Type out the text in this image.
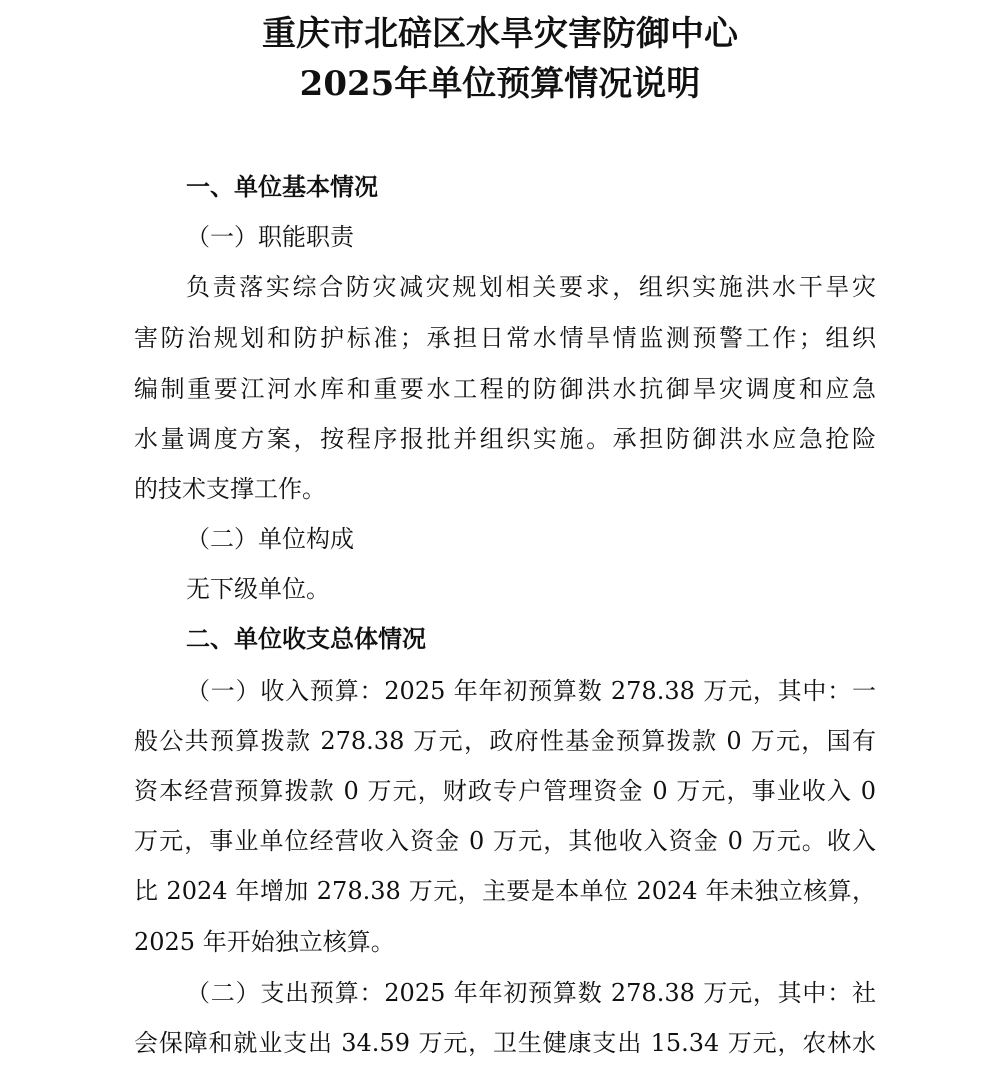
重庆市北碚区水旱灾害防御中心
2025年单位预算情况说明
一、单位基本情况
（一）职能职责
负责落实综合防灾减灾规划相关要求，组织实施洪水干旱灾
害防治规划和防护标准；承担日常水情旱情监测预警工作；组织
编制重要江河水库和重要水工程的防御洪水抗御旱灾调度和应急
水量调度方案，按程序报批并组织实施。承担防御洪水应急抢险
的技术支撑工作。
（二）单位构成
无下级单位。
二、单位收支总体情况
（一）收入预算：2025 年年初预算数 278.38 万元，其中：一
般公共预算拨款 278.38 万元，政府性基金预算拨款 0 万元，国有
资本经营预算拨款 0 万元，财政专户管理资金 0 万元，事业收入 0
万元，事业单位经营收入资金 0 万元，其他收入资金 0 万元。收入
比 2024 年增加 278.38 万元，主要是本单位 2024 年未独立核算，
2025 年开始独立核算。
（二）支出预算：2025 年年初预算数 278.38 万元，其中：社
会保障和就业支出 34.59 万元，卫生健康支出 15.34 万元，农林水
